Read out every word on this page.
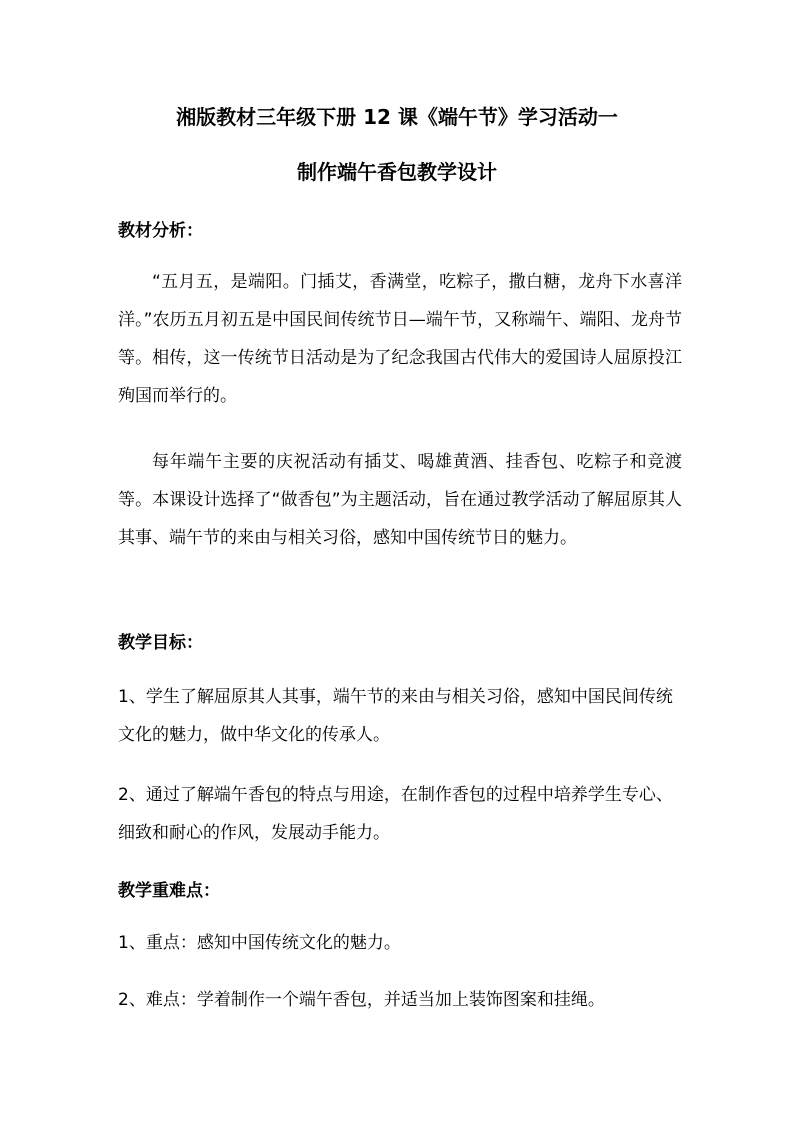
湘版教材三年级下册 12 课《端午节》学习活动一
制作端午香包教学设计
教材分析：

“五月五，是端阳。门插艾，香满堂，吃粽子，撒白糖，龙舟下水喜洋洋。”农历五月初五是中国民间传统节日—端午节，又称端午、端阳、龙舟节等。相传，这一传统节日活动是为了纪念我国古代伟大的爱国诗人屈原投江殉国而举行的。

每年端午主要的庆祝活动有插艾、喝雄黄酒、挂香包、吃粽子和竞渡等。本课设计选择了“做香包”为主题活动，旨在通过教学活动了解屈原其人其事、端午节的来由与相关习俗，感知中国传统节日的魅力。

教学目标：

1、学生了解屈原其人其事，端午节的来由与相关习俗，感知中国民间传统文化的魅力，做中华文化的传承人。

2、通过了解端午香包的特点与用途，在制作香包的过程中培养学生专心、细致和耐心的作风，发展动手能力。

教学重难点：

1、重点：感知中国传统文化的魅力。

2、难点：学着制作一个端午香包，并适当加上装饰图案和挂绳。
